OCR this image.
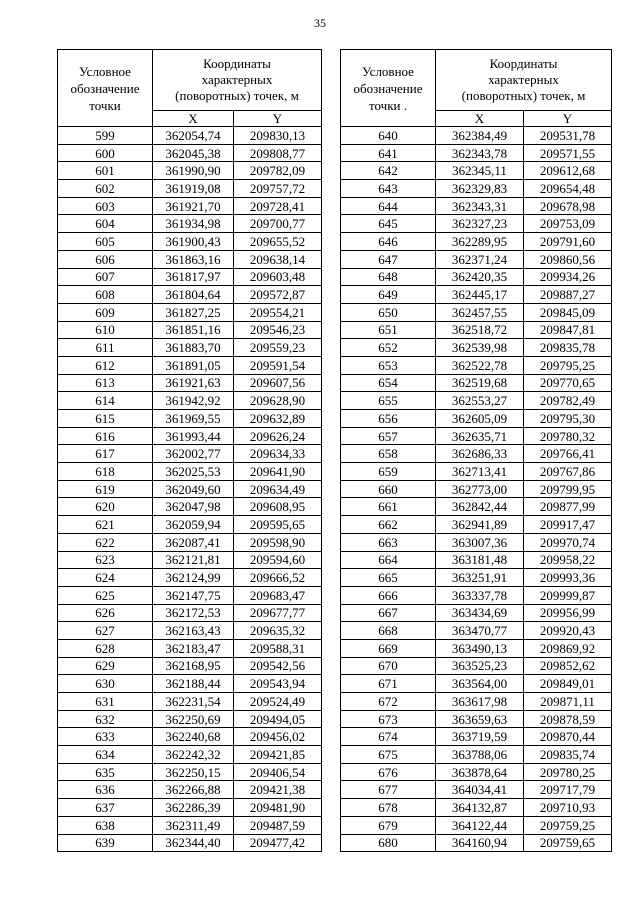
35
Условное
обозначение
точки	Координаты
характерных
(поворотных) точек, м	

	X	Y
599	362054,74	209830,13
600	362045,38	209808,77
601	361990,90	209782,09
602	361919,08	209757,72
603	361921,70	209728,41
604	361934,98	209700,77
605	361900,43	209655,52
606	361863,16	209638,14
607	361817,97	209603,48
608	361804,64	209572,87
609	361827,25	209554,21
610	361851,16	209546,23
611	361883,70	209559,23
612	361891,05	209591,54
613	361921,63	209607,56
614	361942,92	209628,90
615	361969,55	209632,89
616	361993,44	209626,24
617	362002,77	209634,33
618	362025,53	209641,90
619	362049,60	209634,49
620	362047,98	209608,95
621	362059,94	209595,65
622	362087,41	209598,90
623	362121,81	209594,60
624	362124,99	209666,52
625	362147,75	209683,47
626	362172,53	209677,77
627	362163,43	209635,32
628	362183,47	209588,31
629	362168,95	209542,56
630	362188,44	209543,94
631	362231,54	209524,49
632	362250,69	209494,05
633	362240,68	209456,02
634	362242,32	209421,85
635	362250,15	209406,54
636	362266,88	209421,38
637	362286,39	209481,90
638	362311,49	209487,59
639	362344,40	209477,42
Условное
обозначение
точки .	Координаты
характерных
(поворотных) точек, м	

	X	Y
640	362384,49	209531,78
641	362343,78	209571,55
642	362345,11	209612,68
643	362329,83	209654,48
644	362343,31	209678,98
645	362327,23	209753,09
646	362289,95	209791,60
647	362371,24	209860,56
648	362420,35	209934,26
649	362445,17	209887,27
650	362457,55	209845,09
651	362518,72	209847,81
652	362539,98	209835,78
653	362522,78	209795,25
654	362519,68	209770,65
655	362553,27	209782,49
656	362605,09	209795,30
657	362635,71	209780,32
658	362686,33	209766,41
659	362713,41	209767,86
660	362773,00	209799,95
661	362842,44	209877,99
662	362941,89	209917,47
663	363007,36	209970,74
664	363181,48	209958,22
665	363251,91	209993,36
666	363337,78	209999,87
667	363434,69	209956,99
668	363470,77	209920,43
669	363490,13	209869,92
670	363525,23	209852,62
671	363564,00	209849,01
672	363617,98	209871,11
673	363659,63	209878,59
674	363719,59	209870,44
675	363788,06	209835,74
676	363878,64	209780,25
677	364034,41	209717,79
678	364132,87	209710,93
679	364122,44	209759,25
680	364160,94	209759,65
